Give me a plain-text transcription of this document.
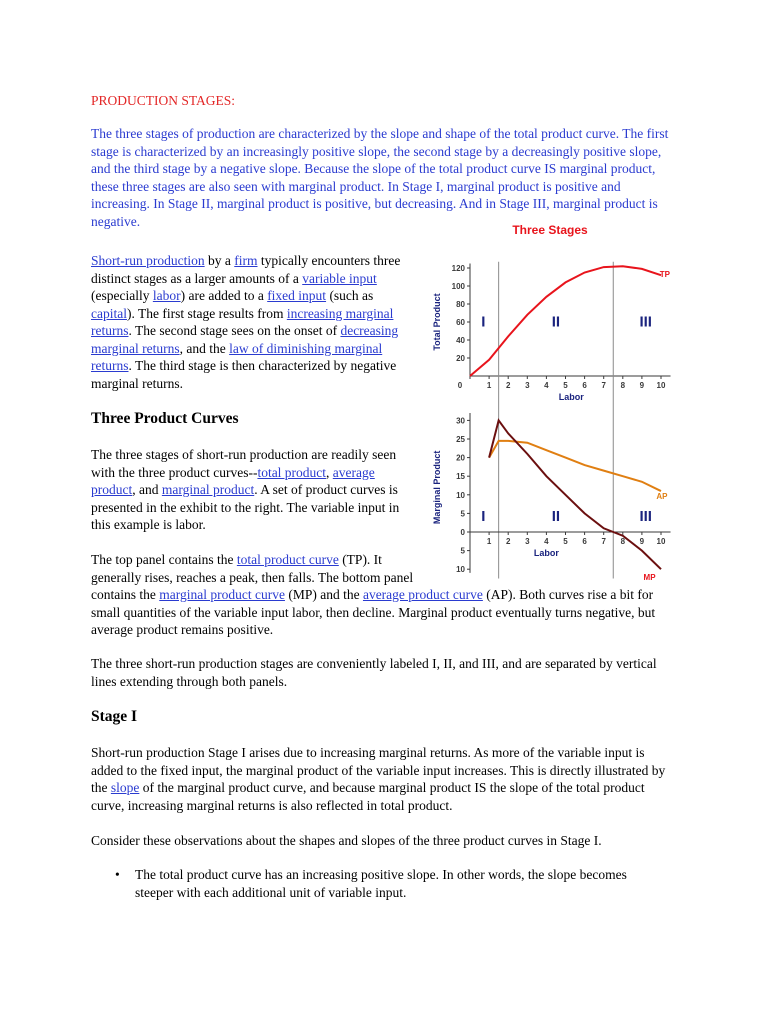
PRODUCTION STAGES:

The three stages of production are characterized by the slope and shape of the total product curve. The first stage is characterized by an increasingly positive slope, the second stage by a decreasingly positive slope, and the third stage by a negative slope. Because the slope of the total product curve IS marginal product, these three stages are also seen with marginal product. In Stage I, marginal product is positive and increasing. In Stage II, marginal product is positive, but decreasing. And in Stage III, marginal product is negative.

Short-run production by a firm typically encounters three distinct stages as a larger amounts of a variable input (especially labor) are added to a fixed input (such as capital). The first stage results from increasing marginal returns. The second stage sees on the onset of decreasing marginal returns, and the law of diminishing marginal returns. The third stage is then characterized by negative marginal returns.

Three Product Curves

The three stages of short-run production are readily seen with the three product curves--total product, average product, and marginal product. A set of product curves is presented in the exhibit to the right. The variable input in this example is labor.

The top panel contains the total product curve (TP). It generally rises, reaches a peak, then falls. The bottom panel contains the marginal product curve (MP) and the average product curve (AP). Both curves rise a bit for small quantities of the variable input labor, then decline. Marginal product eventually turns negative, but average product remains positive.

The three short-run production stages are conveniently labeled I, II, and III, and are separated by vertical lines extending through both panels.

Stage I

Short-run production Stage I arises due to increasing marginal returns. As more of the variable input is added to the fixed input, the marginal product of the variable input increases. This is directly illustrated by the slope of the marginal product curve, and because marginal product IS the slope of the total product curve, increasing marginal returns is also reflected in total product.

Consider these observations about the shapes and slopes of the three product curves in Stage I.

• The total product curve has an increasing positive slope. In other words, the slope becomes steeper with each additional unit of variable input.
Three Stages
20
40
60
80
100
120
0	1 2 3 4 5 6 7 8 9 10
Labor
Total Product	I	II	III
TP
30
25
20
15
10
5
0
5
10
1 2 3 4 5 6 7 8 9 10
Labor
Marginal Product	I	II	III
AP
MP
